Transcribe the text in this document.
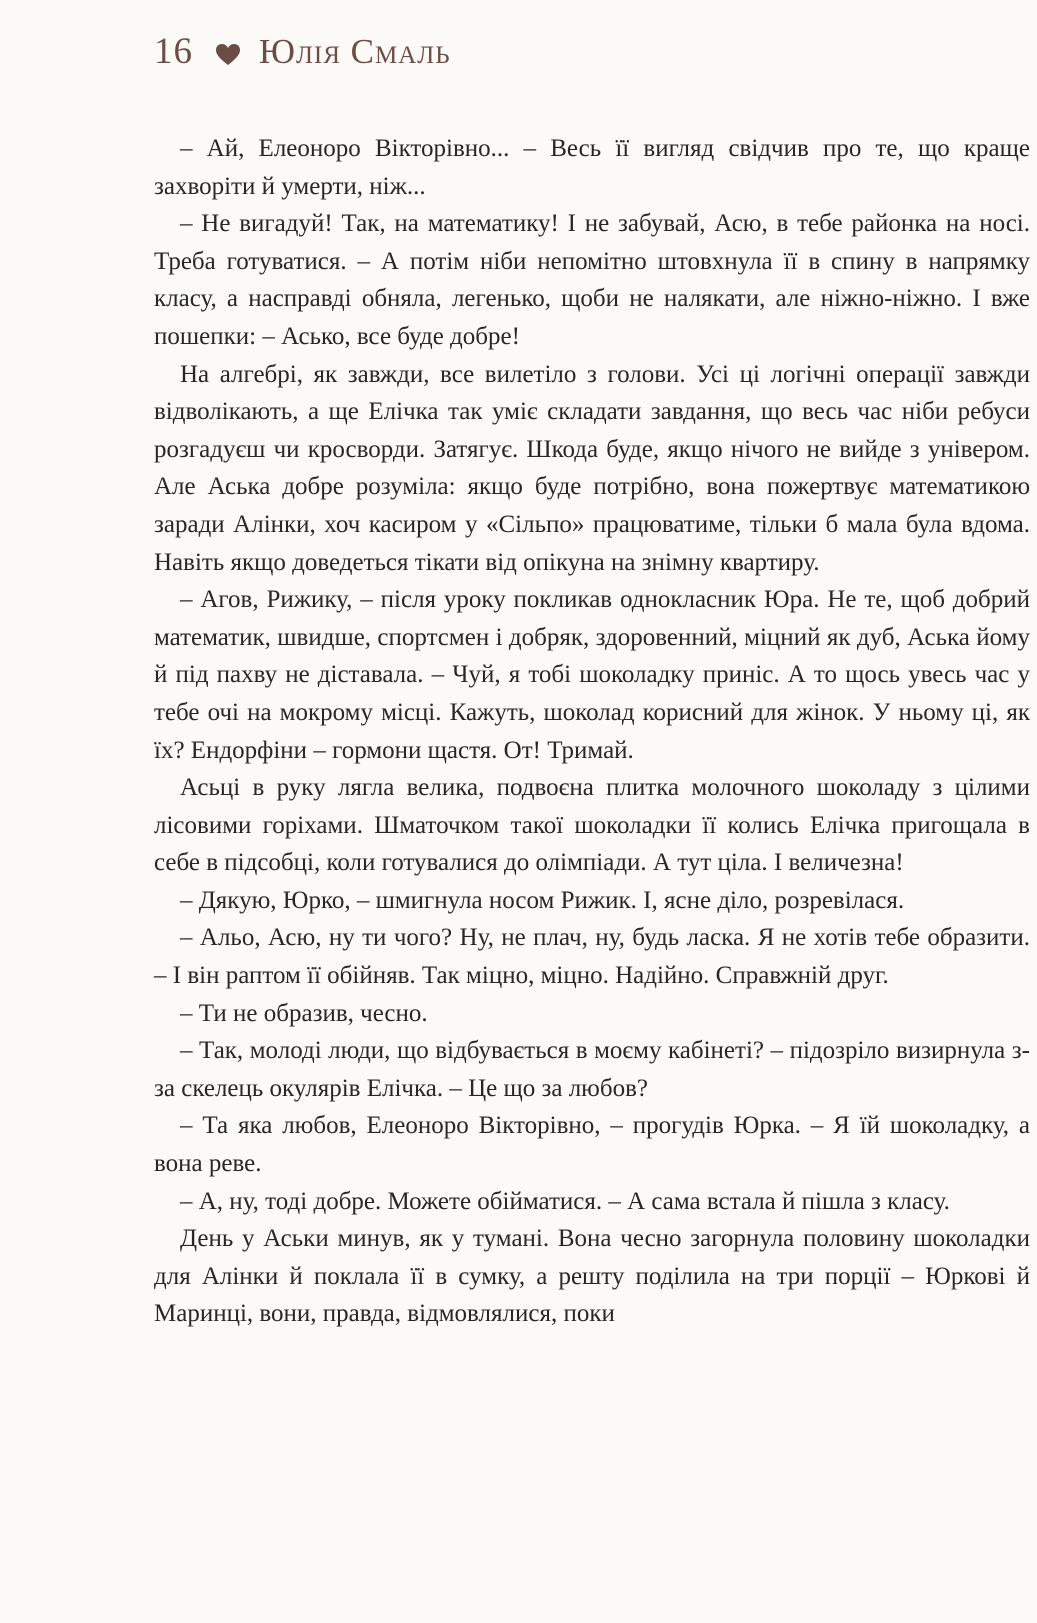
16 Юлія Смаль

– Ай, Елеоноро Вікторівно... – Весь її вигляд свідчив про те, що краще захворіти й умерти, ніж...

– Не вигадуй! Так, на математику! І не забувай, Асю, в тебе районка на носі. Треба готуватися. – А потім ніби непомітно штовхнула її в спину в напрямку класу, а насправді обняла, легенько, щоби не налякати, але ніжно-ніжно. І вже пошепки: – Асько, все буде добре!

На алгебрі, як завжди, все вилетіло з голови. Усі ці логічні операції завжди відволікають, а ще Елічка так уміє складати завдання, що весь час ніби ребуси розгадуєш чи кросворди. Затягує. Шкода буде, якщо нічого не вийде з універом. Але Аська добре розуміла: якщо буде потрібно, вона пожертвує математикою заради Алінки, хоч касиром у «Сільпо» працюватиме, тільки б мала була вдома. Навіть якщо доведеться тікати від опікуна на знімну квартиру.

– Агов, Рижику, – після уроку покликав однокласник Юра. Не те, щоб добрий математик, швидше, спортсмен і добряк, здоровенний, міцний як дуб, Аська йому й під пахву не діставала. – Чуй, я тобі шоколадку приніс. А то щось увесь час у тебе очі на мокрому місці. Кажуть, шоколад корисний для жінок. У ньому ці, як їх? Ендорфіни – гормони щастя. От! Тримай.

Асьці в руку лягла велика, подвоєна плитка молочного шоколаду з цілими лісовими горіхами. Шматочком такої шоколадки її колись Елічка пригощала в себе в підсобці, коли готувалися до олімпіади. А тут ціла. І величезна!

– Дякую, Юрко, – шмигнула носом Рижик. І, ясне діло, розревілася.

– Альо, Асю, ну ти чого? Ну, не плач, ну, будь ласка. Я не хотів тебе образити. – І він раптом її обійняв. Так міцно, міцно. Надійно. Справжній друг.

– Ти не образив, чесно.

– Так, молоді люди, що відбувається в моєму кабінеті? – підозріло визирнула з-за скелець окулярів Елічка. – Це що за любов?

– Та яка любов, Елеоноро Вікторівно, – прогудів Юрка. – Я їй шоколадку, а вона реве.

– А, ну, тоді добре. Можете обійматися. – А сама встала й пішла з класу.

День у Аськи минув, як у тумані. Вона чесно загорнула половину шоколадки для Алінки й поклала її в сумку, а решту поділила на три порції – Юркові й Маринці, вони, правда, відмовлялися, поки
